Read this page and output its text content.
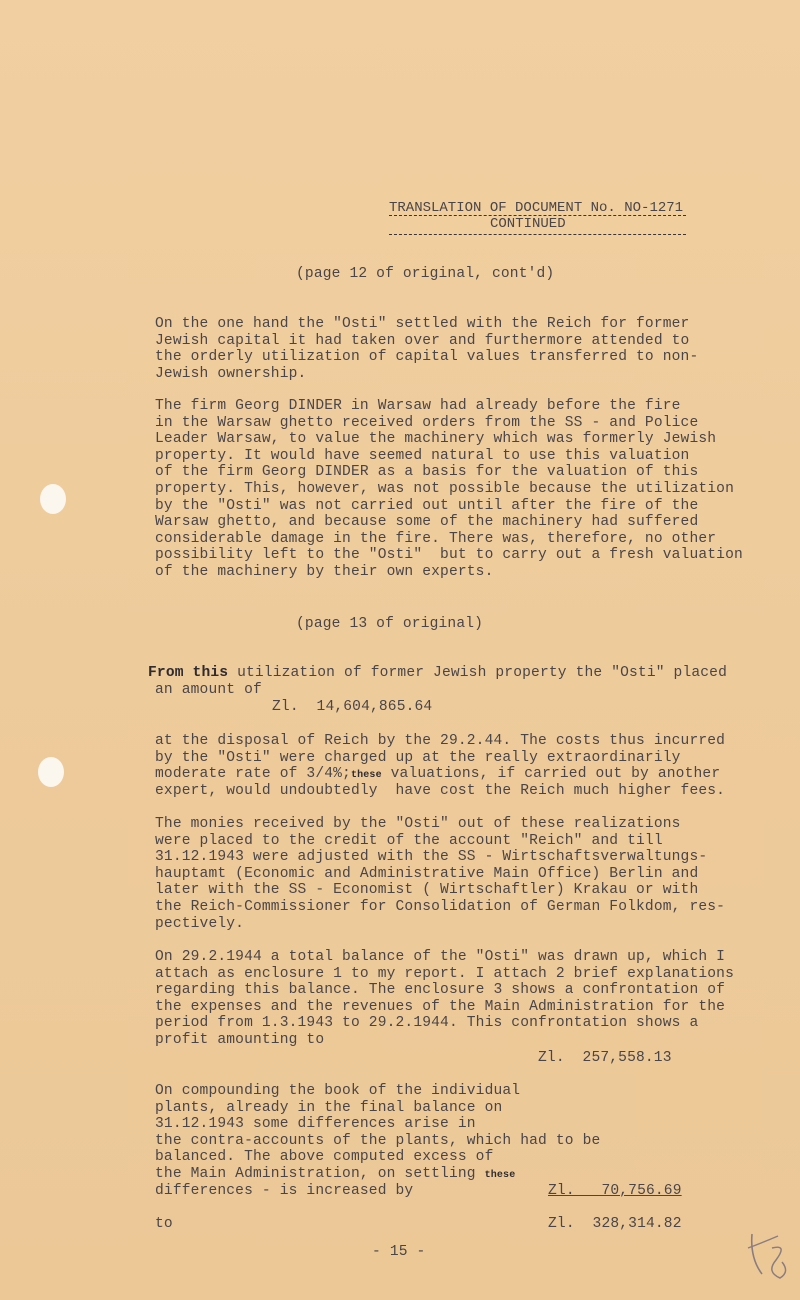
TRANSLATION OF DOCUMENT No. NO-1271
CONTINUED
(page 12 of original, cont'd)
On the one hand the "Osti" settled with the Reich for former
Jewish capital it had taken over and furthermore attended to
the orderly utilization of capital values transferred to non-
Jewish ownership.
The firm Georg DINDER in Warsaw had already before the fire
in the Warsaw ghetto received orders from the SS - and Police
Leader Warsaw, to value the machinery which was formerly Jewish
property. It would have seemed natural to use this valuation
of the firm Georg DINDER as a basis for the valuation of this
property. This, however, was not possible because the utilization
by the "Osti" was not carried out until after the fire of the
Warsaw ghetto, and because some of the machinery had suffered
considerable damage in the fire. There was, therefore, no other
possibility left to the "Osti"  but to carry out a fresh valuation
of the machinery by their own experts.
(page 13 of original)
From this utilization of former Jewish property the "Osti" placed
an amount of
Zl.  14,604,865.64
at the disposal of Reich by the 29.2.44. The costs thus incurred
by the "Osti" were charged up at the really extraordinarily
moderate rate of 3/4%;these valuations, if carried out by another
expert, would undoubtedly  have cost the Reich much higher fees.
The monies received by the "Osti" out of these realizations
were placed to the credit of the account "Reich" and till
31.12.1943 were adjusted with the SS - Wirtschaftsverwaltungs-
hauptamt (Economic and Administrative Main Office) Berlin and
later with the SS - Economist ( Wirtschaftler) Krakau or with
the Reich-Commissioner for Consolidation of German Folkdom, res-
pectively.
On 29.2.1944 a total balance of the "Osti" was drawn up, which I
attach as enclosure 1 to my report. I attach 2 brief explanations
regarding this balance. The enclosure 3 shows a confrontation of
the expenses and the revenues of the Main Administration for the
period from 1.3.1943 to 29.2.1944. This confrontation shows a
profit amounting to
Zl.  257,558.13
On compounding the book of the individual
plants, already in the final balance on
31.12.1943 some differences arise in
the contra-accounts of the plants, which had to be
balanced. The above computed excess of
the Main Administration, on settling these
differences - is increased by	Zl.   70,756.69
to	Zl.  328,314.82
- 15 -
